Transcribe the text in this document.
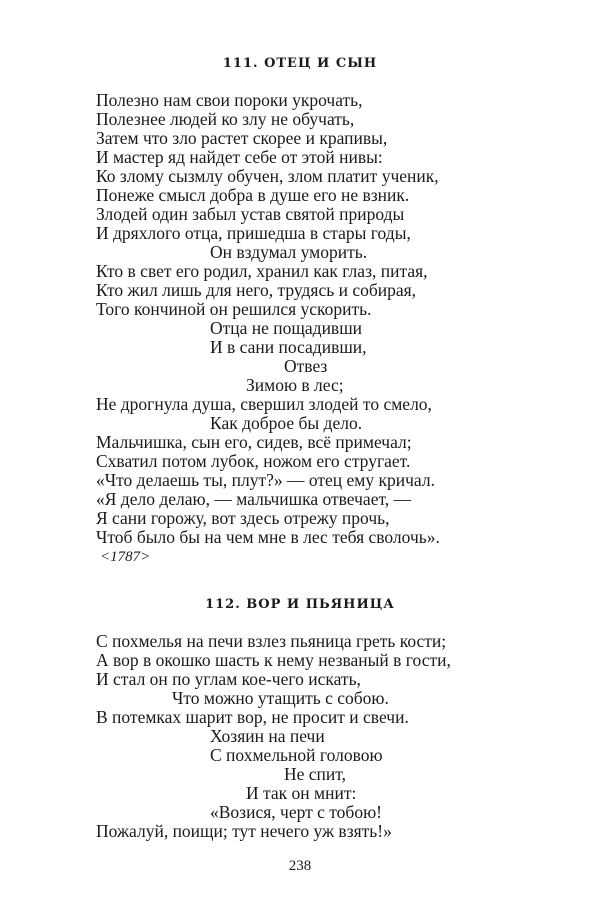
111. ОТЕЦ И СЫН
Полезно нам свои пороки укрочать,
Полезнее людей ко злу не обучать,
Затем что зло растет скорее и крапивы,
И мастер яд найдет себе от этой нивы:
Ко злому сызмлу обучен, злом платит ученик,
Понеже смысл добра в душе его не взник.
Злодей один забыл устав святой природы
И дряхлого отца, пришедша в стары годы,
Он вздумал уморить.
Кто в свет его родил, хранил как глаз, питая,
Кто жил лишь для него, трудясь и собирая,
Того кончиной он решился ускорить.
Отца не пощадивши
И в сани посадивши,
Отвез
Зимою в лес;
Не дрогнула душа, свершил злодей то смело,
Как доброе бы дело.
Мальчишка, сын его, сидев, всё примечал;
Схватил потом лубок, ножом его стругает.
«Что делаешь ты, плут?» — отец ему кричал.
«Я дело делаю, — мальчишка отвечает, —
Я сани горожу, вот здесь отрежу прочь,
Чтоб было бы на чем мне в лес тебя сволочь».
<1787>
112. ВОР И ПЬЯНИЦА
С похмелья на печи взлез пьяница греть кости;
А вор в окошко шасть к нему незваный в гости,
И стал он по углам кое-чего искать,
Что можно утащить с собою.
В потемках шарит вор, не просит и свечи.
Хозяин на печи
С похмельной головою
Не спит,
И так он мнит:
«Возися, черт с тобою!
Пожалуй, поищи; тут нечего уж взять!»
238
